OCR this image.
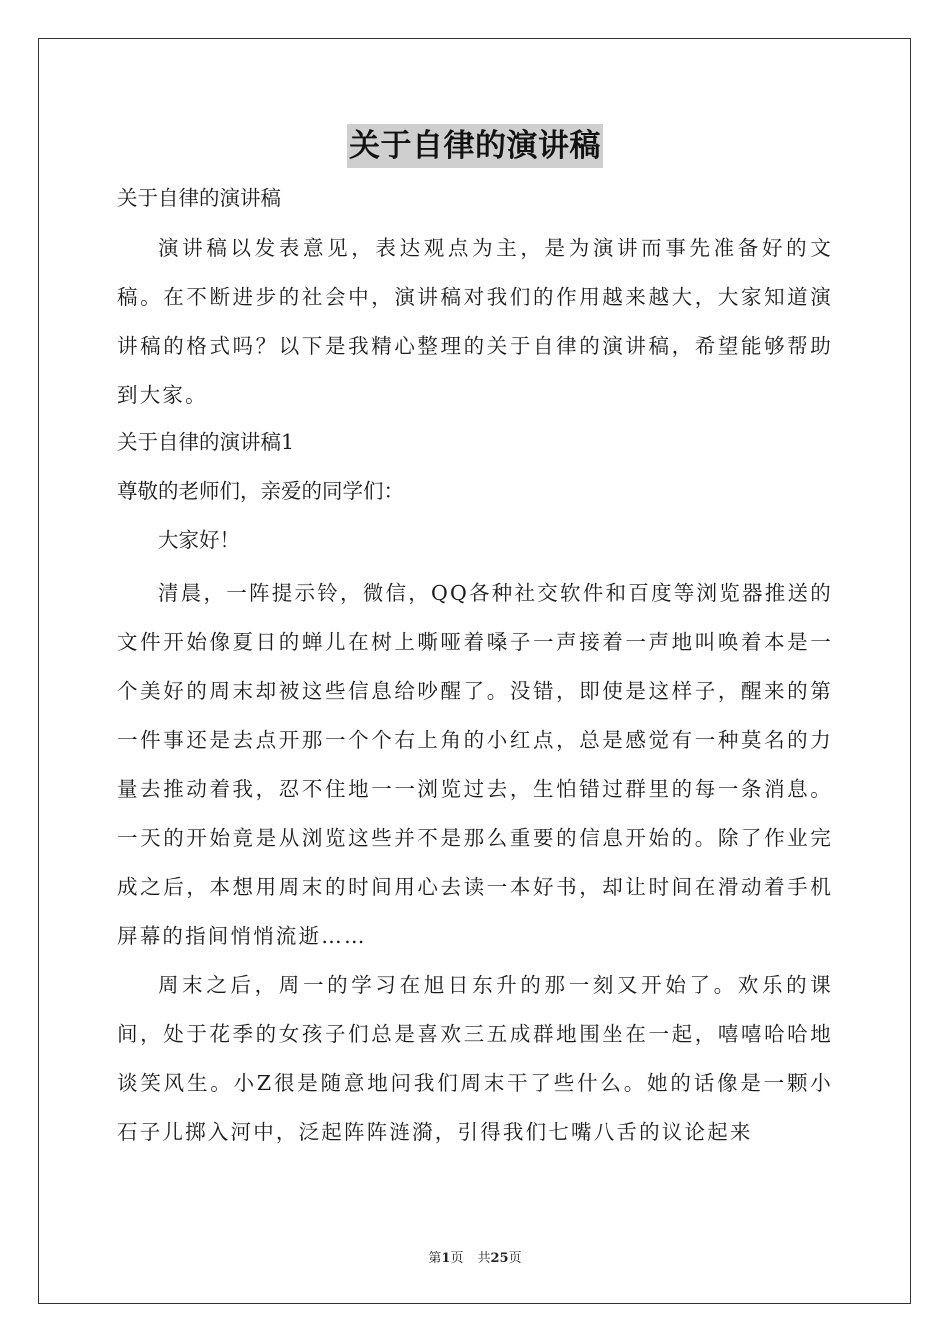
关于自律的演讲稿
关于自律的演讲稿

演讲稿以发表意见，表达观点为主，是为演讲而事先准备好的文稿。在不断进步的社会中，演讲稿对我们的作用越来越大，大家知道演讲稿的格式吗？以下是我精心整理的关于自律的演讲稿，希望能够帮助到大家。

关于自律的演讲稿1
尊敬的老师们，亲爱的同学们：
大家好！

清晨，一阵提示铃，微信，QQ各种社交软件和百度等浏览器推送的文件开始像夏日的蝉儿在树上嘶哑着嗓子一声接着一声地叫唤着本是一个美好的周末却被这些信息给吵醒了。没错，即使是这样子，醒来的第一件事还是去点开那一个个右上角的小红点，总是感觉有一种莫名的力量去推动着我，忍不住地一一浏览过去，生怕错过群里的每一条消息。一天的开始竟是从浏览这些并不是那么重要的信息开始的。除了作业完成之后，本想用周末的时间用心去读一本好书，却让时间在滑动着手机屏幕的指间悄悄流逝……

周末之后，周一的学习在旭日东升的那一刻又开始了。欢乐的课间，处于花季的女孩子们总是喜欢三五成群地围坐在一起，嘻嘻哈哈地谈笑风生。小Z很是随意地问我们周末干了些什么。她的话像是一颗小石子儿掷入河中，泛起阵阵涟漪，引得我们七嘴八舌的议论起来

第1页 共25页
